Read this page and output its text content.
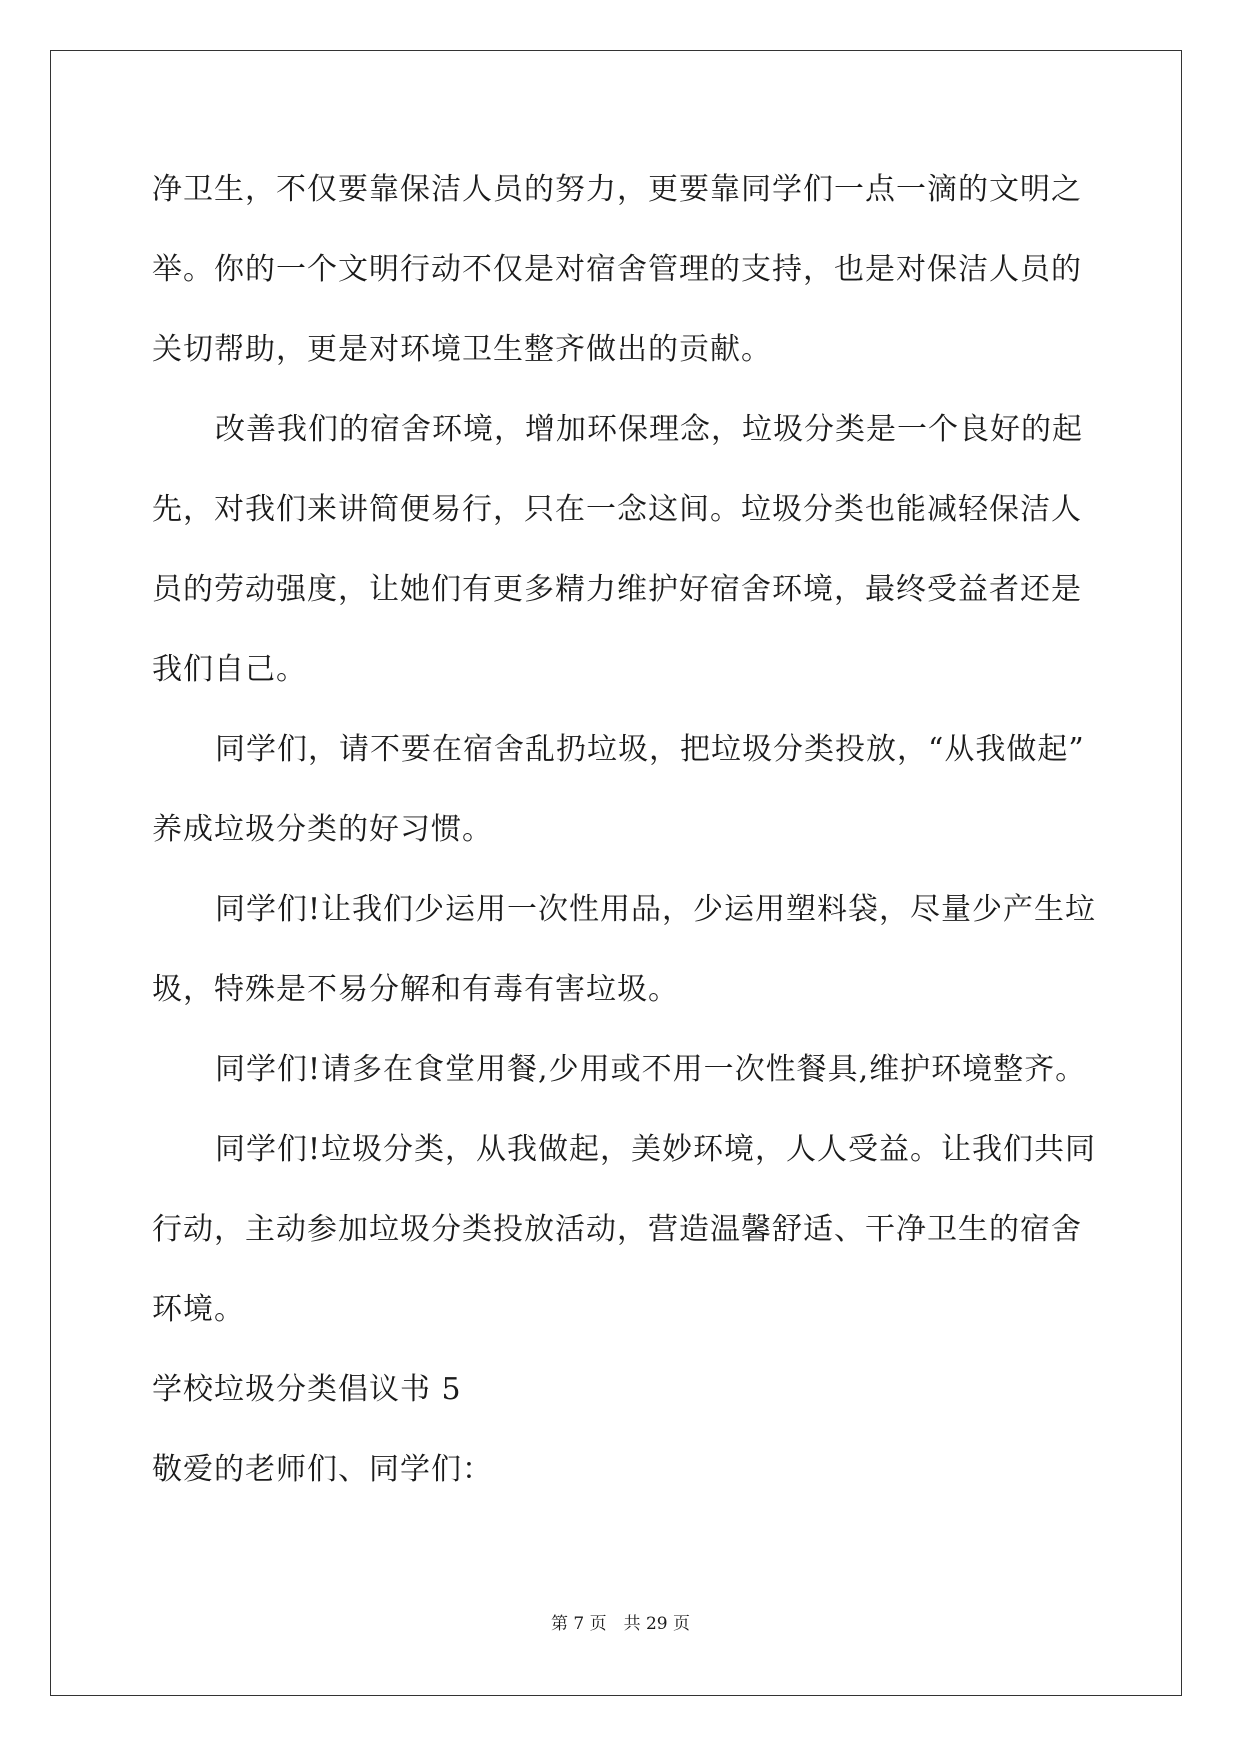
净卫生，不仅要靠保洁人员的努力，更要靠同学们一点一滴的文明之
举。你的一个文明行动不仅是对宿舍管理的支持，也是对保洁人员的
关切帮助，更是对环境卫生整齐做出的贡献。
改善我们的宿舍环境，增加环保理念，垃圾分类是一个良好的起
先，对我们来讲简便易行，只在一念这间。垃圾分类也能减轻保洁人
员的劳动强度，让她们有更多精力维护好宿舍环境，最终受益者还是
我们自己。
同学们，请不要在宿舍乱扔垃圾，把垃圾分类投放，“从我做起”
养成垃圾分类的好习惯。
同学们!让我们少运用一次性用品，少运用塑料袋，尽量少产生垃
圾，特殊是不易分解和有毒有害垃圾。
同学们!请多在食堂用餐,少用或不用一次性餐具,维护环境整齐。
同学们!垃圾分类，从我做起，美妙环境，人人受益。让我们共同
行动，主动参加垃圾分类投放活动，营造温馨舒适、干净卫生的宿舍
环境。
学校垃圾分类倡议书 5
敬爱的老师们、同学们：
第 7 页　共 29 页
